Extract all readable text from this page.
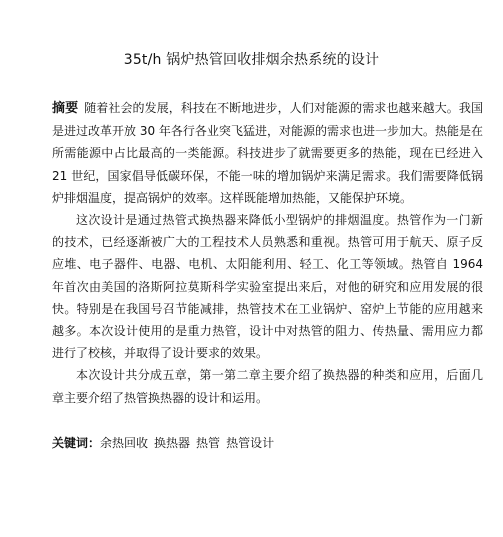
35t/h 锅炉热管回收排烟余热系统的设计

摘要 随着社会的发展，科技在不断地进步，人们对能源的需求也越来越大。我国是进过改革开放 30 年各行各业突飞猛进，对能源的需求也进一步加大。热能是在所需能源中占比最高的一类能源。科技进步了就需要更多的热能，现在已经进入 21 世纪，国家倡导低碳环保，不能一味的增加锅炉来满足需求。我们需要降低锅炉排烟温度，提高锅炉的效率。这样既能增加热能，又能保护环境。

这次设计是通过热管式换热器来降低小型锅炉的排烟温度。热管作为一门新的技术，已经逐渐被广大的工程技术人员熟悉和重视。热管可用于航天、原子反应堆、电子器件、电器、电机、太阳能利用、轻工、化工等领域。热管自 1964 年首次由美国的洛斯阿拉莫斯科学实验室提出来后，对他的研究和应用发展的很快。特别是在我国号召节能减排，热管技术在工业锅炉、窑炉上节能的应用越来越多。本次设计使用的是重力热管，设计中对热管的阻力、传热量、需用应力都进行了校核，并取得了设计要求的效果。

本次设计共分成五章，第一第二章主要介绍了换热器的种类和应用，后面几章主要介绍了热管换热器的设计和运用。

关键词：余热回收 换热器 热管 热管设计
